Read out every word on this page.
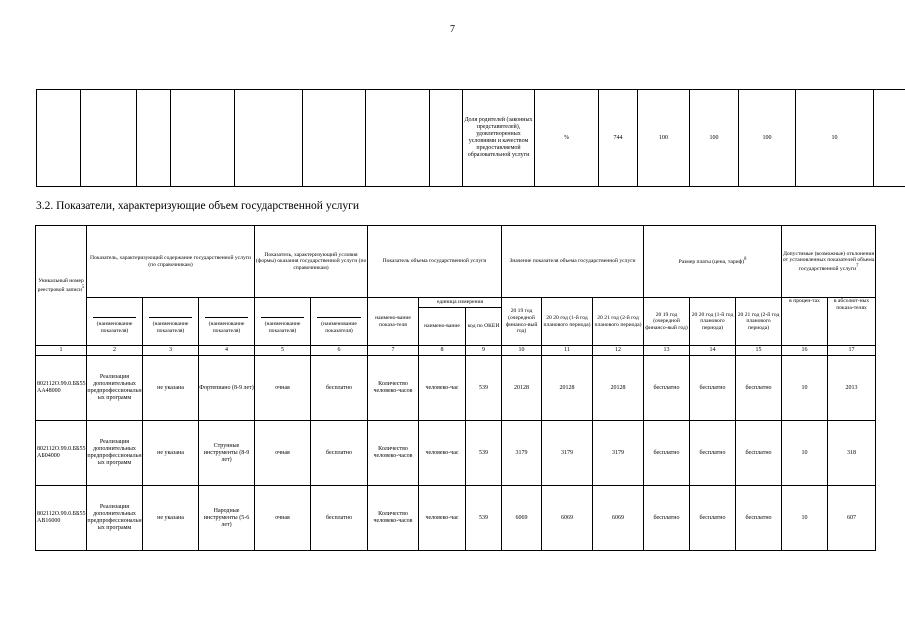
7
								Доля родителей (законных представителей), удовлетворенных условиями и качеством предоставляемой образовательной услуги	%	744	100	100	100	10	
3.2. Показатели, характеризующие объем государственной услуги
Уникальный номер реестровой записи$^5$	Показатель, характеризующий содержание государственной услуги (по справочникам)			Показатель, характеризующий условия (формы) оказания государственной услуги (по справочникам)		Показатель объема государственной услуги			Значение показателя объема государственной услуги			Размер платы (цена, тариф)$^8$			Допустимые (возможные) отклонения от установленных показателей объема государственной услуги$^7$

(наименование
показателя)	(наименование
показателя)	(наименование
показателя)	(наименование
показателя)	(наименование
показателя)	наимено-вание показа-теля	единица измерения		20 19 год (очередной финансо-вый год)	20 20 год (1-й год планового периода)	20 21 год (2-й год планового периода)	20 19 год (очередной финансо-вый год)	20 20 год (1-й год планового периода)	20 21 год (2-й год планового периода)	в процен-тах	в абсолют-ных показа-телях
							наимено-вание	код по ОКЕИ								
1	2	3	4	5	6	7	8	9	10	11	12	13	14	15	16	17
802112О.99.0.ББ55АА48000	Реализация дополнительных предпрофессиональных программ	не указана	Фортепиано (8-9 лет)	очная	бесплатно	Количество человеко-часов	человеко-час	539	20128	20128	20128	бесплатно	бесплатно	бесплатно	10	2013
802112О.99.0.ББ55АБ04000	Реализация дополнительных предпрофессиональных программ	не указана	Струнные инструменты (8-9 лет)	очная	бесплатно	Количество человеко-часов	человеко-час	539	3179	3179	3179	бесплатно	бесплатно	бесплатно	10	318
802112О.99.0.ББ55АВ16000	Реализация дополнительных предпрофессиональных программ	не указана	Народные инструменты (5-6 лет)	очная	бесплатно	Количество человеко-часов	человеко-час	539	6069	6069	6069	бесплатно	бесплатно	бесплатно	10	607
